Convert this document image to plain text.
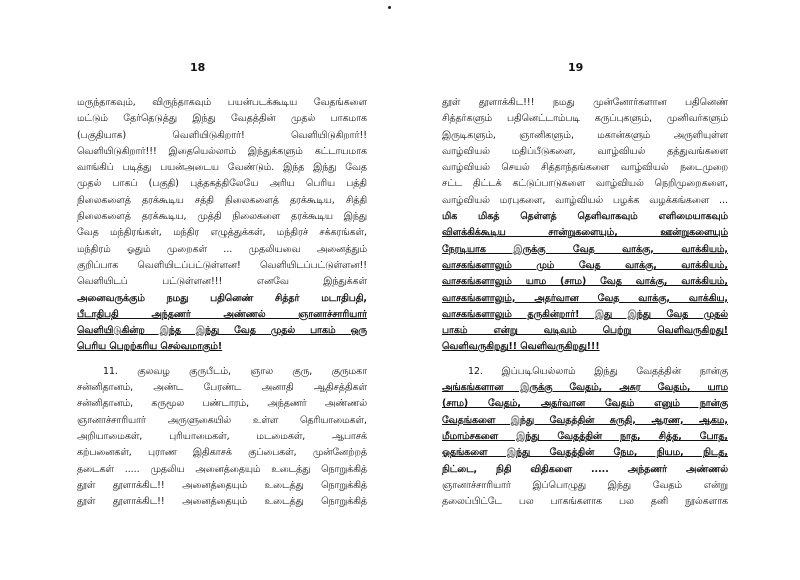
18
மருந்தாகவும், விருந்தாகவும் பயன்படக்கூடிய வேதங்களை
மட்டும் தேர்தெடுத்து இந்து வேதத்தின் முதல் பாகமாக
(பகுதியாக) வெளியிடுகிறார்! வெளியிடுகிறார்!!
வெளியிடுகிறார்!!! இதையெல்லாம் இந்துக்களும் கட்டாயமாக
வாங்கிப் படித்து பயன்அடைய வேண்டும். இந்த இந்து வேத
முதல் பாகப் (பகுதி) புத்தகத்திலேயே அரிய பெரிய பத்தி
நிலைகளைத் தரக்கூடிய சத்தி நிலைகளைத் தரக்கூடிய, சித்தி
நிலைகளைத் தரக்கூடிய, முத்தி நிலைகளை தரக்கூடிய இந்து
வேத மந்திரங்கள், மந்திர எழுத்துக்கள், மந்திரச் சக்கரங்கள்,
மந்திரம் ஓதும் முறைகள் ... முதலியவை அனைத்தும்
குறிப்பாக வெளியிடப்பட்டுள்ளன! வெளியிடப்பட்டுள்ளன!!
வெளியிடப் பட்டுள்ளன!!! எனவே இந்துக்கள்
அனைவருக்கும் நமது பதினெண் சித்தர் மடாதிபதி,
பீடாதிபதி அந்தணர் அண்ணல் ஞானாச்சாரியார்
வெளியிடுகின்ற இந்த இந்து வேத முதல் பாகம் ஒரு
பெரிய பெறற்கரிய செல்வமாகும்!
11. குலவழ குருபீடம், ஞால குரு, குருமகா
சன்னிதானம், அண்ட பேரண்ட அனாதி ஆதிசத்திகள்
சன்னிதானம், கருமூல பண்டாரம், அந்தணர் அண்ணல்
ஞானாச்சாரியார் அருளுகையில் உள்ள தெரியாமைகள்,
அறியாமைகள், புரியாமைகள், மடமைகள், ஆபாசக்
கற்பனைகள், புராண இதிகாசக் குப்பைகள், முன்னேற்றத்
தடைகள் ..... முதலிய அனைத்தையும் உடைத்து நொறுக்கித்
தூள் தூளாக்கிட!! அனைத்தையும் உடைத்து நொறுக்கித்
தூள் தூளாக்கிட!! அனைத்தையும் உடைத்து நொறுக்கித்
19
தூள் தூளாக்கிட!!! நமது முன்னோர்களான பதினெண்
சித்தர்களும் பதினெட்டாம்படி கருப்புகளும், முனிவர்களும்
இருடிகளும், ஞானிகளும், மகான்களும் அருளியுள்ள
வாழ்வியல் மதிப்பீடுகளை, வாழ்வியல் தத்துவங்களை
வாழ்வியல் செயல் சித்தாந்தங்களை வாழ்வியல் நடைமுறை
சட்ட திட்டக் கட்டுப்பாடுகளை வாழ்வியல் நெறிமுறைகளை,
வாழ்வியல் மரபுகளை, வாழ்வியல் பழக்க வழக்கங்களை ...
மிக மிகத் தெள்ளத் தெளிவாகவும் எளிமையாகவும்
விளக்கிக்கூடிய சான்றுகளையும், ஊன்றுகளையும்
நேரடியாக இருக்கு வேத வாக்கு, வாக்கியம்,
வாசகங்களாலும் மும் வேத வாக்கு, வாக்கியம்,
வாசகங்களாலும் யாம (சாம) வேத வாக்கு, வாக்கியம்,
வாசகங்களாலும், அதர்வான வேத வாக்கு, வாக்கிய,
வாசகங்களாலும் தருகின்றார்! இது இந்து வேத முதல்
பாகம் என்று வடிவம் பெற்று வெளிவருகிறது!
வெளிவருகிறது!! வெளிவருகிறது!!!
12. இப்படியெல்லாம் இந்து வேதத்தின் நான்கு
அங்கங்களான இருக்கு வேதம், அசுர வேதம், யாம
(சாம) வேதம், அதர்வான வேதம் எனும் நான்கு
வேதங்களை இந்து வேதத்தின் சுருதி, ஆரண, ஆகம,
மீமாம்சகளை இந்து வேதத்தின் நாத, சித்த, போத,
ஓதங்களை இந்து வேதத்தின் நேம, நியம, நிடத,
நிட்டை, நிதி விதிகளை ..... அந்தணர் அண்ணல்
ஞானாச்சாரியார் இப்பொழுது இந்து வேதம் என்று
தலைப்பிட்டே பல பாகங்களாக பல தனி நூல்களாக
